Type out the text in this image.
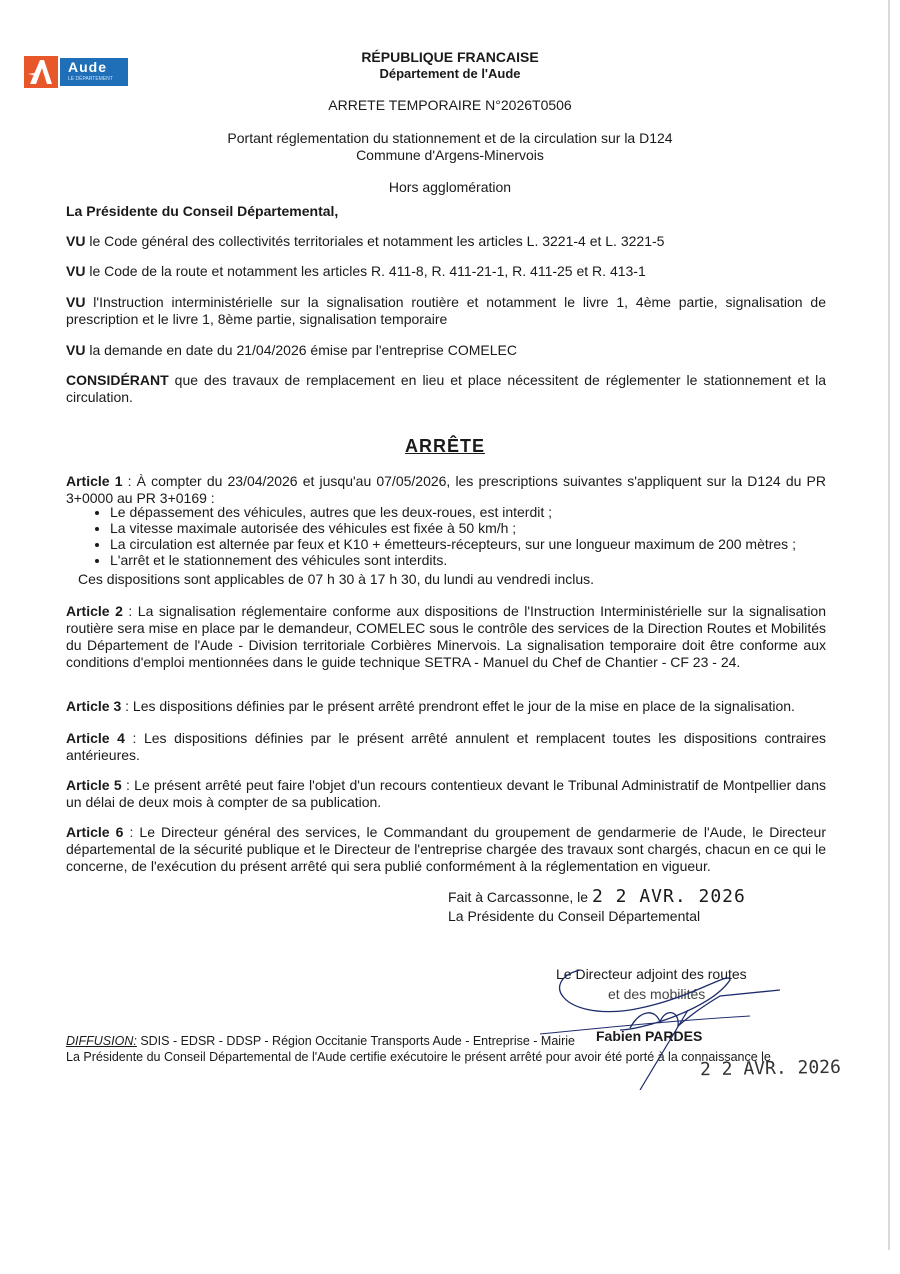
Aude
LE DÉPARTEMENT
RÉPUBLIQUE FRANCAISE
Département de l'Aude
ARRETE TEMPORAIRE N°2026T0506
Portant réglementation du stationnement et de la circulation sur la D124
Commune d'Argens-Minervois
Hors agglomération

La Présidente du Conseil Départemental,

VU le Code général des collectivités territoriales et notamment les articles L. 3221-4 et L. 3221-5

VU le Code de la route et notamment les articles R. 411-8, R. 411-21-1, R. 411-25 et R. 413-1

VU l'Instruction interministérielle sur la signalisation routière et notamment le livre 1, 4ème partie, signalisation de prescription et le livre 1, 8ème partie, signalisation temporaire

VU la demande en date du 21/04/2026 émise par l'entreprise COMELEC

CONSIDÉRANT que des travaux de remplacement en lieu et place nécessitent de réglementer le stationnement et la circulation.

ARRÊTE

Article 1 : À compter du 23/04/2026 et jusqu'au 07/05/2026, les prescriptions suivantes s'appliquent sur la D124 du PR 3+0000 au PR 3+0169 :

• Le dépassement des véhicules, autres que les deux-roues, est interdit ;
• La vitesse maximale autorisée des véhicules est fixée à 50 km/h ;
• La circulation est alternée par feux et K10 + émetteurs-récepteurs, sur une longueur maximum de 200 mètres ;
• L'arrêt et le stationnement des véhicules sont interdits.

Ces dispositions sont applicables de 07 h 30 à 17 h 30, du lundi au vendredi inclus.

Article 2 : La signalisation réglementaire conforme aux dispositions de l'Instruction Interministérielle sur la signalisation routière sera mise en place par le demandeur, COMELEC sous le contrôle des services de la Direction Routes et Mobilités du Département de l'Aude - Division territoriale Corbières Minervois. La signalisation temporaire doit être conforme aux conditions d'emploi mentionnées dans le guide technique SETRA - Manuel du Chef de Chantier - CF 23 - 24.

Article 3 : Les dispositions définies par le présent arrêté prendront effet le jour de la mise en place de la signalisation.

Article 4 : Les dispositions définies par le présent arrêté annulent et remplacent toutes les dispositions contraires antérieures.

Article 5 : Le présent arrêté peut faire l'objet d'un recours contentieux devant le Tribunal Administratif de Montpellier dans un délai de deux mois à compter de sa publication.

Article 6 : Le Directeur général des services, le Commandant du groupement de gendarmerie de l'Aude, le Directeur départemental de la sécurité publique et le Directeur de l'entreprise chargée des travaux sont chargés, chacun en ce qui le concerne, de l'exécution du présent arrêté qui sera publié conformément à la réglementation en vigueur.

Fait à Carcassonne, le 2 2 AVR. 2026
La Présidente du Conseil Départemental
Le Directeur adjoint des routes
et des mobilités
Fabien PARDES
DIFFUSION: SDIS - EDSR - DDSP - Région Occitanie Transports Aude - Entreprise - Mairie
La Présidente du Conseil Départemental de l'Aude certifie exécutoire le présent arrêté pour avoir été porté à la connaissance le
2 2 AVR. 2026
